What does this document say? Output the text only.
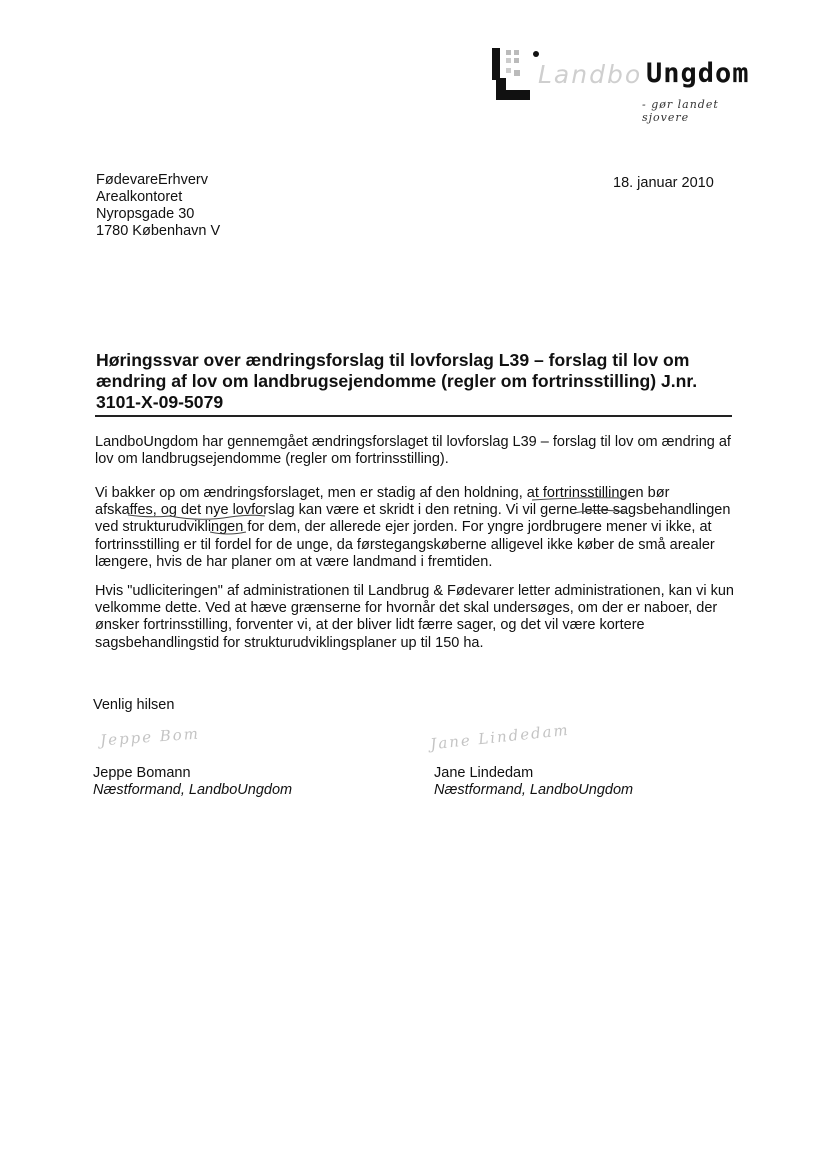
Landbo Ungdom
- gør landet sjovere
FødevareErhverv
Arealkontoret
Nyropsgade 30
1780 København V
18. januar 2010
Høringssvar over ændringsforslag til lovforslag L39 – forslag til lov om ændring af lov om landbrugsejendomme (regler om fortrinsstilling) J.nr. 3101-X-09-5079
LandboUngdom har gennemgået ændringsforslaget til lovforslag L39 – forslag til lov om ændring af lov om landbrugsejendomme (regler om fortrinsstilling).
Vi bakker op om ændringsforslaget, men er stadig af den holdning, at fortrinsstillingen bør afskaffes, og det nye lovforslag kan være et skridt i den retning. Vi vil gerne lette sagsbehandlingen ved strukturudviklingen for dem, der allerede ejer jorden. For yngre jordbrugere mener vi ikke, at fortrinsstilling er til fordel for de unge, da førstegangskøberne alligevel ikke køber de små arealer længere, hvis de har planer om at være landmand i fremtiden.
Hvis "udliciteringen" af administrationen til Landbrug & Fødevarer letter administrationen, kan vi kun velkomme dette. Ved at hæve grænserne for hvornår det skal undersøges, om der er naboer, der ønsker fortrinsstilling, forventer vi, at der bliver lidt færre sager, og det vil være kortere sagsbehandlingstid for strukturudviklingsplaner up til 150 ha.
Venlig hilsen
Jeppe Bom	Jane Lindedam
Jeppe Bomann
Næstformand, LandboUngdom
Jane Lindedam
Næstformand, LandboUngdom
